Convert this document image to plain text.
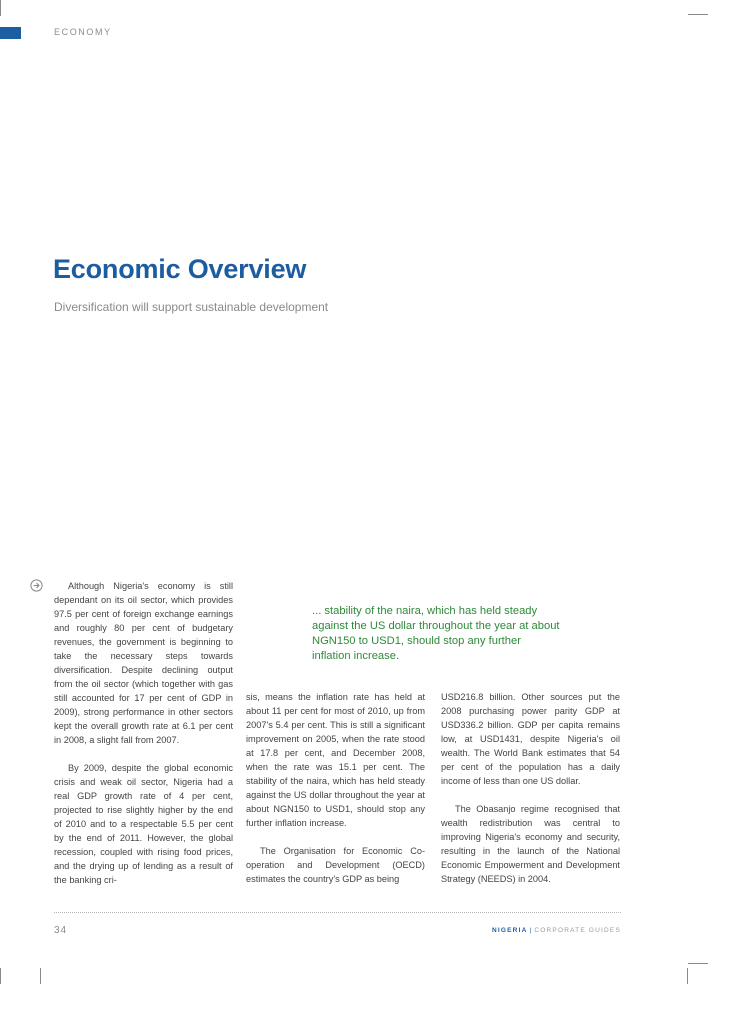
ECONOMY
Economic Overview

Diversification will support sustainable development

Although Nigeria's economy is still dependant on its oil sector, which provides 97.5 per cent of foreign exchange earnings and roughly 80 per cent of budgetary revenues, the government is beginning to take the necessary steps towards diversification. Despite declining output from the oil sector (which together with gas still accounted for 17 per cent of GDP in 2009), strong performance in other sectors kept the overall growth rate at 6.1 per cent in 2008, a slight fall from 2007.

By 2009, despite the global economic crisis and weak oil sector, Nigeria had a real GDP growth rate of 4 per cent, projected to rise slightly higher by the end of 2010 and to a respectable 5.5 per cent by the end of 2011. However, the global recession, coupled with rising food prices, and the drying up of lending as a result of the banking cri-

... stability of the naira, which has held steady against the US dollar throughout the year at about NGN150 to USD1, should stop any further inflation increase.

sis, means the inflation rate has held at about 11 per cent for most of 2010, up from 2007's 5.4 per cent. This is still a significant improvement on 2005, when the rate stood at 17.8 per cent, and December 2008, when the rate was 15.1 per cent. The stability of the naira, which has held steady against the US dollar throughout the year at about NGN150 to USD1, should stop any further inflation increase.

The Organisation for Economic Co-operation and Development (OECD) estimates the country's GDP as being

USD216.8 billion. Other sources put the 2008 purchasing power parity GDP at USD336.2 billion. GDP per capita remains low, at USD1431, despite Nigeria's oil wealth. The World Bank estimates that 54 per cent of the population has a daily income of less than one US dollar.

The Obasanjo regime recognised that wealth redistribution was central to improving Nigeria's economy and security, resulting in the launch of the National Economic Empowerment and Development Strategy (NEEDS) in 2004.

34	NIGERIA | CORPORATE GUIDES
